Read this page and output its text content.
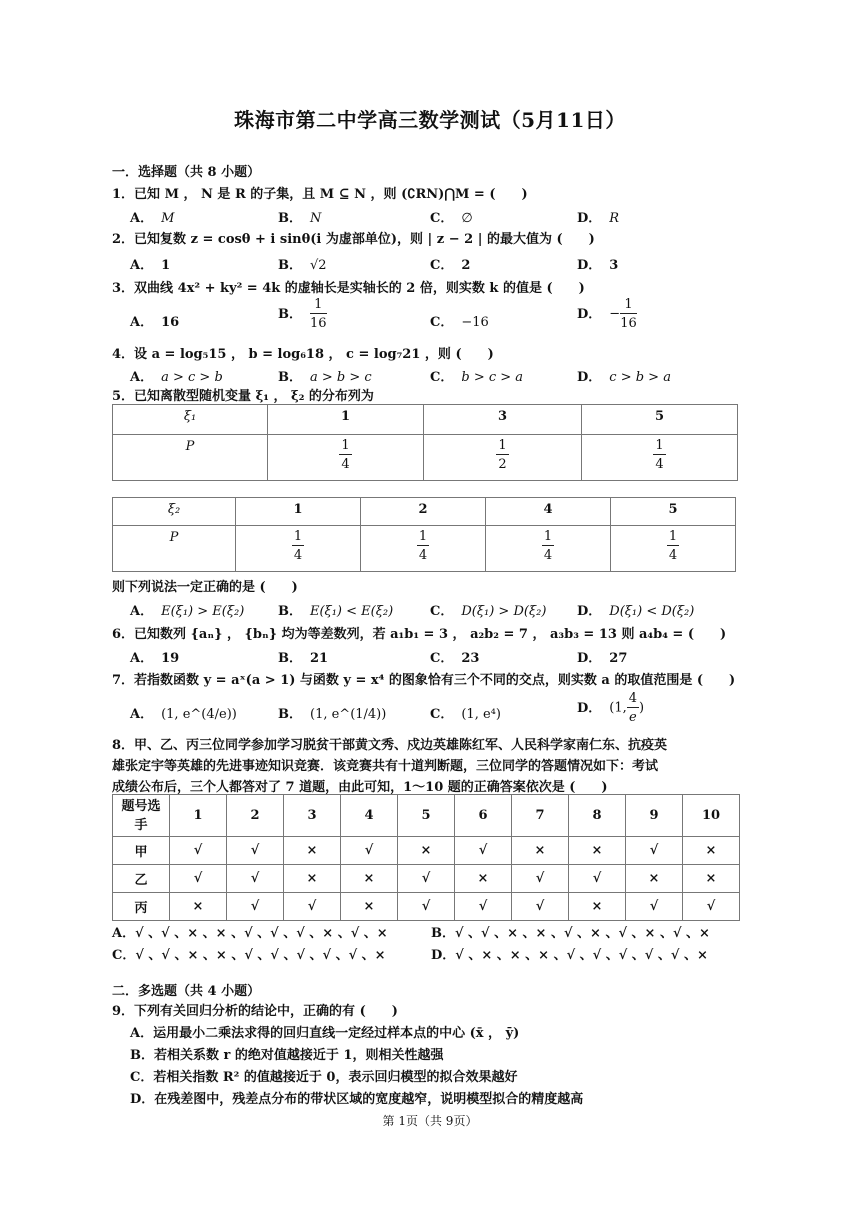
珠海市第二中学高三数学测试（5月11日）
一．选择题（共 8 小题）
1．已知 M ， N 是 R 的子集，且 M ⊆ N ，则 (∁RN)⋂M = (　　)
A． M	B． N	C． ∅	D． R
2．已知复数 z = cosθ + i sinθ(i 为虚部单位)，则 | z − 2 | 的最大值为 (　　)
A． 1	B． √2	C． 2	D． 3
3．双曲线 4x² + ky² = 4k 的虚轴长是实轴长的 2 倍，则实数 k 的值是 (　　)
A． 16
B． $\frac{1}{16}$	C． −16
D． − $\frac{1}{16}$
4．设 a = log₅15 ， b = log₆18 ， c = log₇21 ，则 (　　)
A． a > c > b	B． a > b > c	C． b > c > a	D． c > b > a
5．已知离散型随机变量 ξ₁ ， ξ₂ 的分布列为
ξ₁	1	3	5
P	$\frac{1}{4}$	$\frac{1}{2}$	$\frac{1}{4}$
ξ₂	1	2	4	5
P	$\frac{1}{4}$	$\frac{1}{4}$	$\frac{1}{4}$	$\frac{1}{4}$
则下列说法一定正确的是 (　　)
A． E(ξ₁) > E(ξ₂)	B． E(ξ₁) < E(ξ₂)	C． D(ξ₁) > D(ξ₂) D． D(ξ₁) < D(ξ₂)
6．已知数列 {aₙ} ， {bₙ} 均为等差数列，若 a₁b₁ = 3 ， a₂b₂ = 7 ， a₃b₃ = 13 则 a₄b₄ = (　　)
A． 19	B． 21	C． 23	D． 27
7．若指数函数 y = aˣ(a > 1) 与函数 y = x⁴ 的图象恰有三个不同的交点，则实数 a 的取值范围是 (　　)
A． (1, e^(4/e))	B． (1, e^(1/4))	C． (1, e⁴)	D． (1, $\frac{4}{e}$ )
8．甲、乙、丙三位同学参加学习脱贫干部黄文秀、戍边英雄陈红军、人民科学家南仁东、抗疫英
雄张定宇等英雄的先进事迹知识竞赛．该竞赛共有十道判断题，三位同学的答题情况如下：考试
成绩公布后，三个人都答对了 7 道题，由此可知，1～10 题的正确答案依次是 (　　)
题号选
手	1	2	3	4	5	6	7	8	9	10
甲	√	√	×	√	×	√	×	×	√	×
乙	√	√	×	×	√	×	√	√	×	×
丙	×	√	√	×	√	√	√	×	√	√
A．√ 、√ 、× 、× 、√ 、√ 、√ 、× 、√ 、×	B．√ 、√ 、× 、× 、√ 、× 、√ 、× 、√ 、×
C．√ 、√ 、× 、× 、√ 、√ 、√ 、√ 、√ 、×	D．√ 、× 、× 、× 、√ 、√ 、√ 、√ 、√ 、×
二．多选题（共 4 小题）
9．下列有关回归分析的结论中，正确的有 (　　)
A．运用最小二乘法求得的回归直线一定经过样本点的中心 (x̄ ， ȳ)
B．若相关系数 r 的绝对值越接近于 1，则相关性越强
C．若相关指数 R² 的值越接近于 0，表示回归模型的拟合效果越好
D．在残差图中，残差点分布的带状区域的宽度越窄，说明模型拟合的精度越高
第 1页（共 9页）
